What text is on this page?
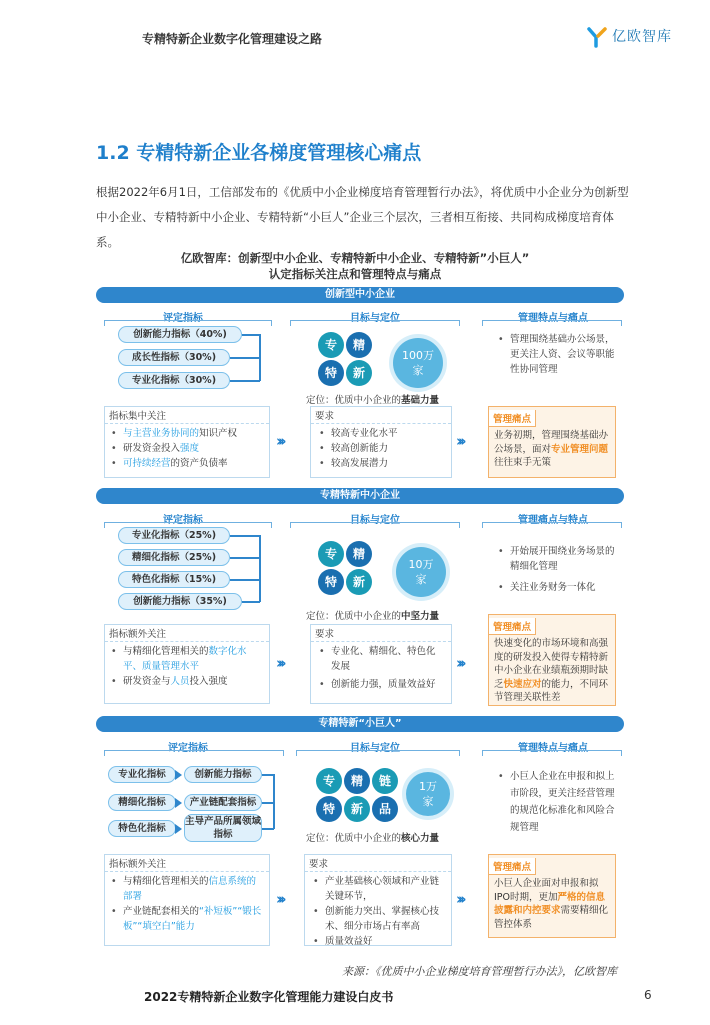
专精特新企业数字化管理建设之路	亿欧智库
1.2 专精特新企业各梯度管理核心痛点
根据2022年6月1日，工信部发布的《优质中小企业梯度培育管理暂行办法》，将优质中小企业分为创新型中小企业、专精特新中小企业、专精特新“小巨人”企业三个层次，三者相互衔接、共同构成梯度培育体系。
亿欧智库：创新型中小企业、专精特新中小企业、专精特新”小巨人”
认定指标关注点和管理特点与痛点
创新型中小企业
评定指标	目标与定位	管理特点与痛点
创新能力指标（40%)
成长性指标（30%)
专业化指标（30%)
专	精
特	新
100万
家
定位：优质中小企业的基础力量
• 管理围绕基础办公场景，更关注人资、会议等职能性协同管理
指标集中关注
• 与主营业务协同的知识产权
• 研发资金投入强度
• 可持续经营的资产负债率
›››
要求
• 较高专业化水平
• 较高创新能力
• 较高发展潜力
›››
管理痛点
业务初期，管理围绕基础办公场景，面对专业管理问题往往束手无策
专精特新中小企业
评定指标	目标与定位	管理痛点与特点
专业化指标（25%)
精细化指标（25%)
特色化指标（15%)
创新能力指标（35%)
专	精
特	新
10万
家
定位：优质中小企业的中坚力量
• 开始展开围绕业务场景的精细化管理
• 关注业务财务一体化
指标额外关注
• 与精细化管理相关的数字化水平、质量管理水平
• 研发资金与人员投入强度
›››
要求
• 专业化、精细化、特色化发展
• 创新能力强，质量效益好
›››
管理痛点
快速变化的市场环境和高强度的研发投入使得专精特新中小企业在业绩瓶颈期时缺乏快速应对的能力，不同环节管理关联性差
专精特新“小巨人”
评定指标	目标与定位	管理特点与痛点
专业化指标
精细化指标
特色化指标
创新能力指标
产业链配套指标
主导产品所属领域指标
专	精	链
特	新	品
1万
家
定位：优质中小企业的核心力量
• 小巨人企业在申报和拟上市阶段，更关注经营管理的规范化标准化和风险合规管理
指标额外关注
• 与精细化管理相关的信息系统的部署
• 产业链配套相关的“补短板”“锻长板”“填空白”能力
›››
要求
• 产业基础核心领域和产业链关键环节，
• 创新能力突出、掌握核心技术、细分市场占有率高
• 质量效益好
›››
管理痛点
小巨人企业面对申报和拟IPO时期，更加严格的信息披露和内控要求需要精细化管控体系
来源：《优质中小企业梯度培育管理暂行办法》，亿欧智库
2022专精特新企业数字化管理能力建设白皮书	6
